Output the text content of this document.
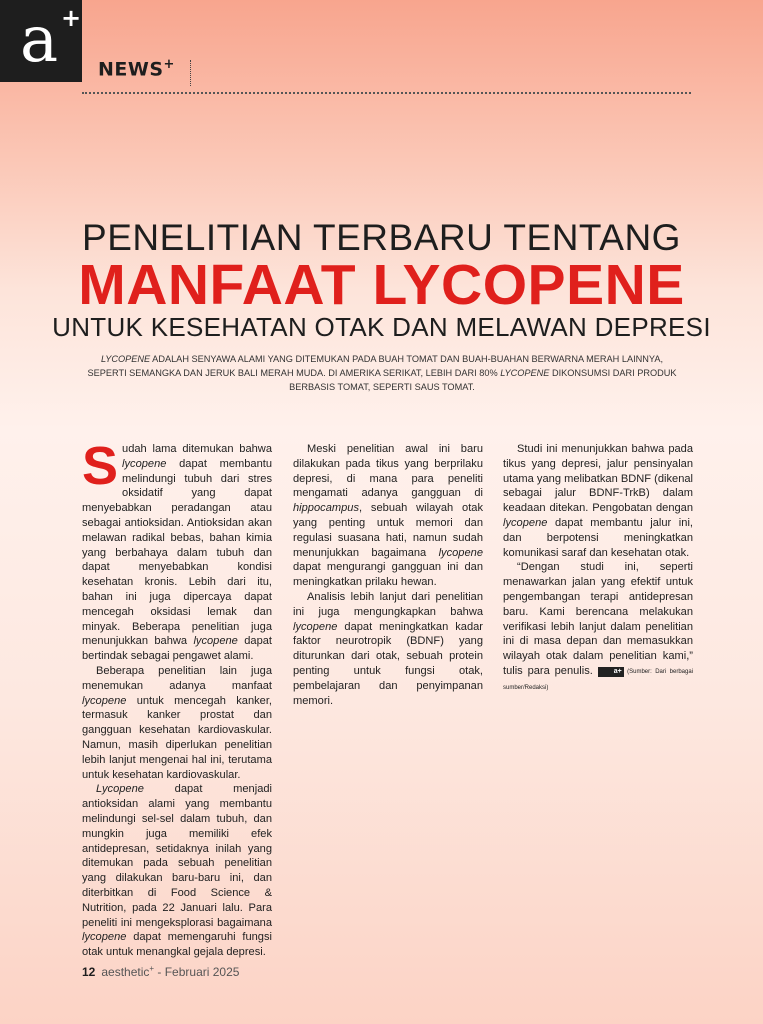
a +
NEWS+
PENELITIAN TERBARU TENTANG
MANFAAT LYCOPENE
UNTUK KESEHATAN OTAK DAN MELAWAN DEPRESI
LYCOPENE ADALAH SENYAWA ALAMI YANG DITEMUKAN PADA BUAH TOMAT DAN BUAH-BUAHAN BERWARNA MERAH LAINNYA, SEPERTI SEMANGKA DAN JERUK BALI MERAH MUDA. DI AMERIKA SERIKAT, LEBIH DARI 80% LYCOPENE DIKONSUMSI DARI PRODUK BERBASIS TOMAT, SEPERTI SAUS TOMAT.

Sudah lama ditemukan bahwa lycopene dapat membantu melindungi tubuh dari stres oksidatif yang dapat menyebabkan peradangan atau sebagai antioksidan. Antioksidan akan melawan radikal bebas, bahan kimia yang berbahaya dalam tubuh dan dapat menyebabkan kondisi kesehatan kronis. Lebih dari itu, bahan ini juga dipercaya dapat mencegah oksidasi lemak dan minyak. Beberapa penelitian juga menunjukkan bahwa lycopene dapat bertindak sebagai pengawet alami.

Beberapa penelitian lain juga menemukan adanya manfaat lycopene untuk mencegah kanker, termasuk kanker prostat dan gangguan kesehatan kardiovaskular. Namun, masih diperlukan penelitian lebih lanjut mengenai hal ini, terutama untuk kesehatan kardiovaskular.

Lycopene dapat menjadi antioksidan alami yang membantu melindungi sel-sel dalam tubuh, dan mungkin juga memiliki efek antidepresan, setidaknya inilah yang ditemukan pada sebuah penelitian yang dilakukan baru-baru ini, dan diterbitkan di Food Science & Nutrition, pada 22 Januari lalu. Para peneliti ini mengeksplorasi bagaimana lycopene dapat memengaruhi fungsi otak untuk menangkal gejala depresi.

Meski penelitian awal ini baru dilakukan pada tikus yang berprilaku depresi, di mana para peneliti mengamati adanya gangguan di hippocampus, sebuah wilayah otak yang penting untuk memori dan regulasi suasana hati, namun sudah menunjukkan bagaimana lycopene dapat mengurangi gangguan ini dan meningkatkan prilaku hewan.

Analisis lebih lanjut dari penelitian ini juga mengungkapkan bahwa lycopene dapat meningkatkan kadar faktor neurotropik (BDNF) yang diturunkan dari otak, sebuah protein penting untuk fungsi otak, pembelajaran dan penyimpanan memori.

Studi ini menunjukkan bahwa pada tikus yang depresi, jalur pensinyalan utama yang melibatkan BDNF (dikenal sebagai jalur BDNF-TrkB) dalam keadaan ditekan. Pengobatan dengan lycopene dapat membantu jalur ini, dan berpotensi meningkatkan komunikasi saraf dan kesehatan otak.

“Dengan studi ini, seperti menawarkan jalan yang efektif untuk pengembangan terapi antidepresan baru. Kami berencana melakukan verifikasi lebih lanjut dalam penelitian ini di masa depan dan memasukkan wilayah otak dalam penelitian kami,” tulis para penulis. a+ (Sumber: Dari berbagai sumber/Redaksi)

12 aesthetic+ - Februari 2025
